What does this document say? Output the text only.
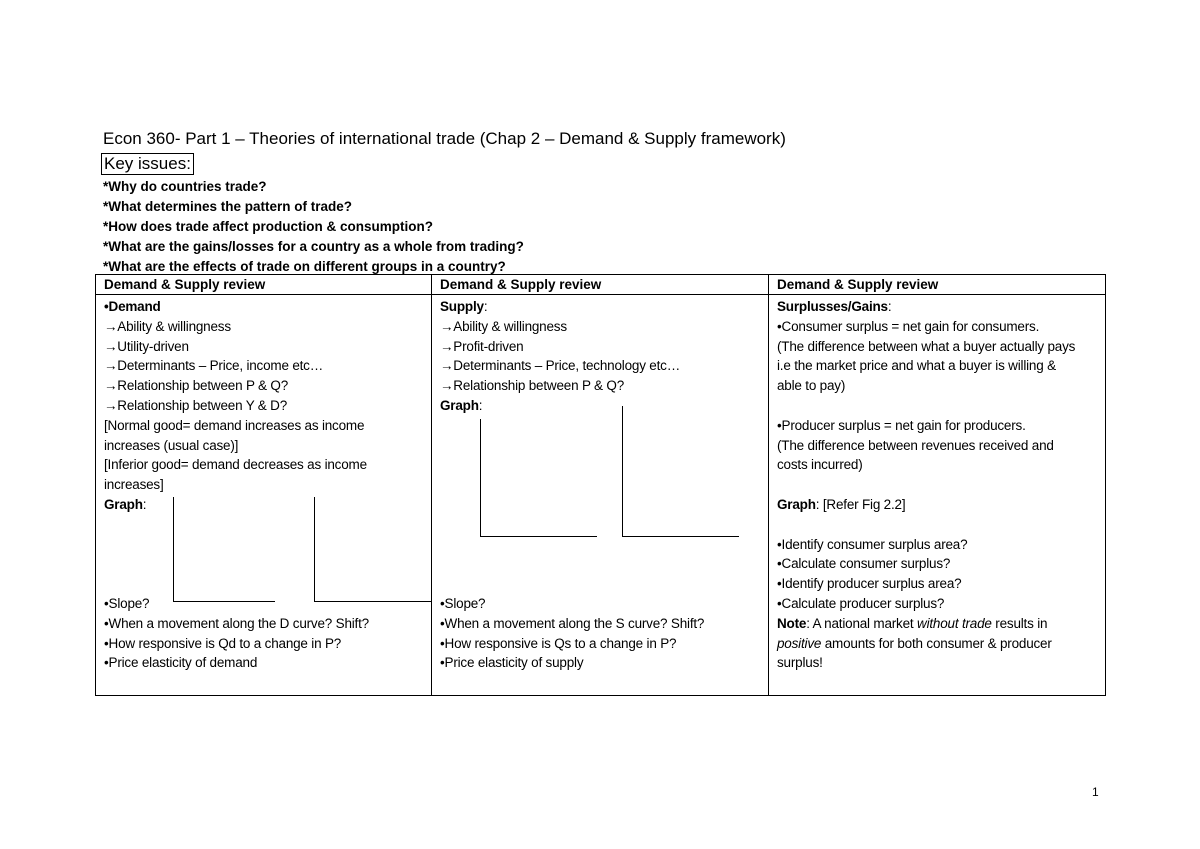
Econ 360- Part 1 – Theories of international trade (Chap 2 – Demand & Supply framework)
Key issues:
*Why do countries trade?
*What determines the pattern of trade?
*How does trade affect production & consumption?
*What are the gains/losses for a country as a whole from trading?
*What are the effects of trade on different groups in a country?
Demand & Supply review	Demand & Supply review	Demand & Supply review
•Demand
→Ability & willingness
→Utility-driven
→Determinants – Price, income etc…
→Relationship between P & Q?
→Relationship between Y & D?
[Normal good= demand increases as income
increases (usual case)]
[Inferior good= demand decreases as income
increases]
Graph:
•Slope?
•When a movement along the D curve? Shift?
•How responsive is Qd to a change in P?
•Price elasticity of demand
Supply:
→Ability & willingness
→Profit-driven
→Determinants – Price, technology etc…
→Relationship between P & Q?
Graph:
•Slope?
•When a movement along the S curve? Shift?
•How responsive is Qs to a change in P?
•Price elasticity of supply
Surplusses/Gains:
•Consumer surplus = net gain for consumers.
(The difference between what a buyer actually pays
i.e the market price and what a buyer is willing &
able to pay)
•Producer surplus = net gain for producers.
(The difference between revenues received and
costs incurred)
Graph: [Refer Fig 2.2]
•Identify consumer surplus area?
•Calculate consumer surplus?
•Identify producer surplus area?
•Calculate producer surplus?
Note: A national market without trade results in
positive amounts for both consumer & producer
surplus!
1
